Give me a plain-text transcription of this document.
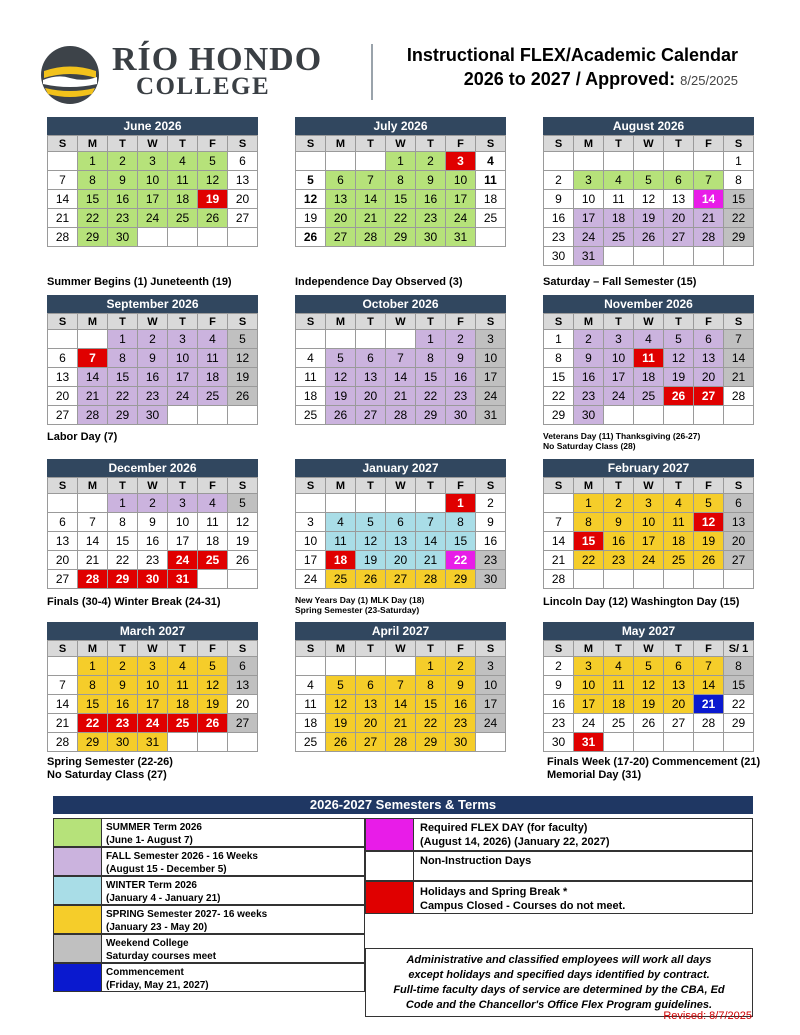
RÍO HONDO
COLLEGE
Instructional FLEX/Academic Calendar
2026 to 2027 / Approved: 8/25/2025
June 2026
S	M	T	W	T	F	S
	1	2	3	4	5	6
7	8	9	10	11	12	13
14	15	16	17	18	19	20
21	22	23	24	25	26	27
28	29	30				
July 2026
S	M	T	W	T	F	S
			1	2	3	4
5	6	7	8	9	10	11
12	13	14	15	16	17	18
19	20	21	22	23	24	25
26	27	28	29	30	31	
August 2026
S	M	T	W	T	F	S
						1
2	3	4	5	6	7	8
9	10	11	12	13	14	15
16	17	18	19	20	21	22
23	24	25	26	27	28	29
30	31					
September 2026
S	M	T	W	T	F	S
		1	2	3	4	5
6	7	8	9	10	11	12
13	14	15	16	17	18	19
20	21	22	23	24	25	26
27	28	29	30			
October 2026
S	M	T	W	T	F	S
				1	2	3
4	5	6	7	8	9	10
11	12	13	14	15	16	17
18	19	20	21	22	23	24
25	26	27	28	29	30	31
November 2026
S	M	T	W	T	F	S
1	2	3	4	5	6	7
8	9	10	11	12	13	14
15	16	17	18	19	20	21
22	23	24	25	26	27	28
29	30					
December 2026
S	M	T	W	T	F	S
		1	2	3	4	5
6	7	8	9	10	11	12
13	14	15	16	17	18	19
20	21	22	23	24	25	26
27	28	29	30	31		
January 2027
S	M	T	W	T	F	S
					1	2
3	4	5	6	7	8	9
10	11	12	13	14	15	16
17	18	19	20	21	22	23
24	25	26	27	28	29	30
February 2027
S	M	T	W	T	F	S
	1	2	3	4	5	6
7	8	9	10	11	12	13
14	15	16	17	18	19	20
21	22	23	24	25	26	27
28						
March 2027
S	M	T	W	T	F	S
	1	2	3	4	5	6
7	8	9	10	11	12	13
14	15	16	17	18	19	20
21	22	23	24	25	26	27
28	29	30	31			
April 2027
S	M	T	W	T	F	S
				1	2	3
4	5	6	7	8	9	10
11	12	13	14	15	16	17
18	19	20	21	22	23	24
25	26	27	28	29	30	
May 2027
S	M	T	W	T	F	S/ 1
2	3	4	5	6	7	8
9	10	11	12	13	14	15
16	17	18	19	20	21	22
23	24	25	26	27	28	29
30	31					
Summer Begins (1) Juneteenth (19)	Independence Day Observed (3)	Saturday – Fall Semester (15)
Labor Day (7)	Veterans Day (11) Thanksgiving (26-27)
No Saturday Class (28)
Finals (30-4) Winter Break (24-31)	New Years Day (1) MLK Day (18)
Spring Semester (23-Saturday)
Lincoln Day (12) Washington Day (15)
Spring Semester (22-26)
No Saturday Class (27)
Finals Week (17-20) Commencement (21)
Memorial Day (31)
2026-2027 Semesters & Terms
SUMMER Term 2026
(June 1- August 7)
FALL Semester 2026 - 16 Weeks
(August 15 - December 5)
WINTER Term 2026
(January 4 - January 21)
SPRING Semester 2027- 16 weeks
(January 23 - May 20)
Weekend College
Saturday courses meet
Commencement
(Friday, May 21, 2027)
Required FLEX DAY (for faculty)
(August 14, 2026) (January 22, 2027)
Non-Instruction Days
Holidays and Spring Break *
Campus Closed - Courses do not meet.
Administrative and classified employees will work all days
except holidays and specified days identified by contract.
Full-time faculty days of service are determined by the CBA, Ed
Code and the Chancellor's Office Flex Program guidelines.
Revised: 8/7/2025
